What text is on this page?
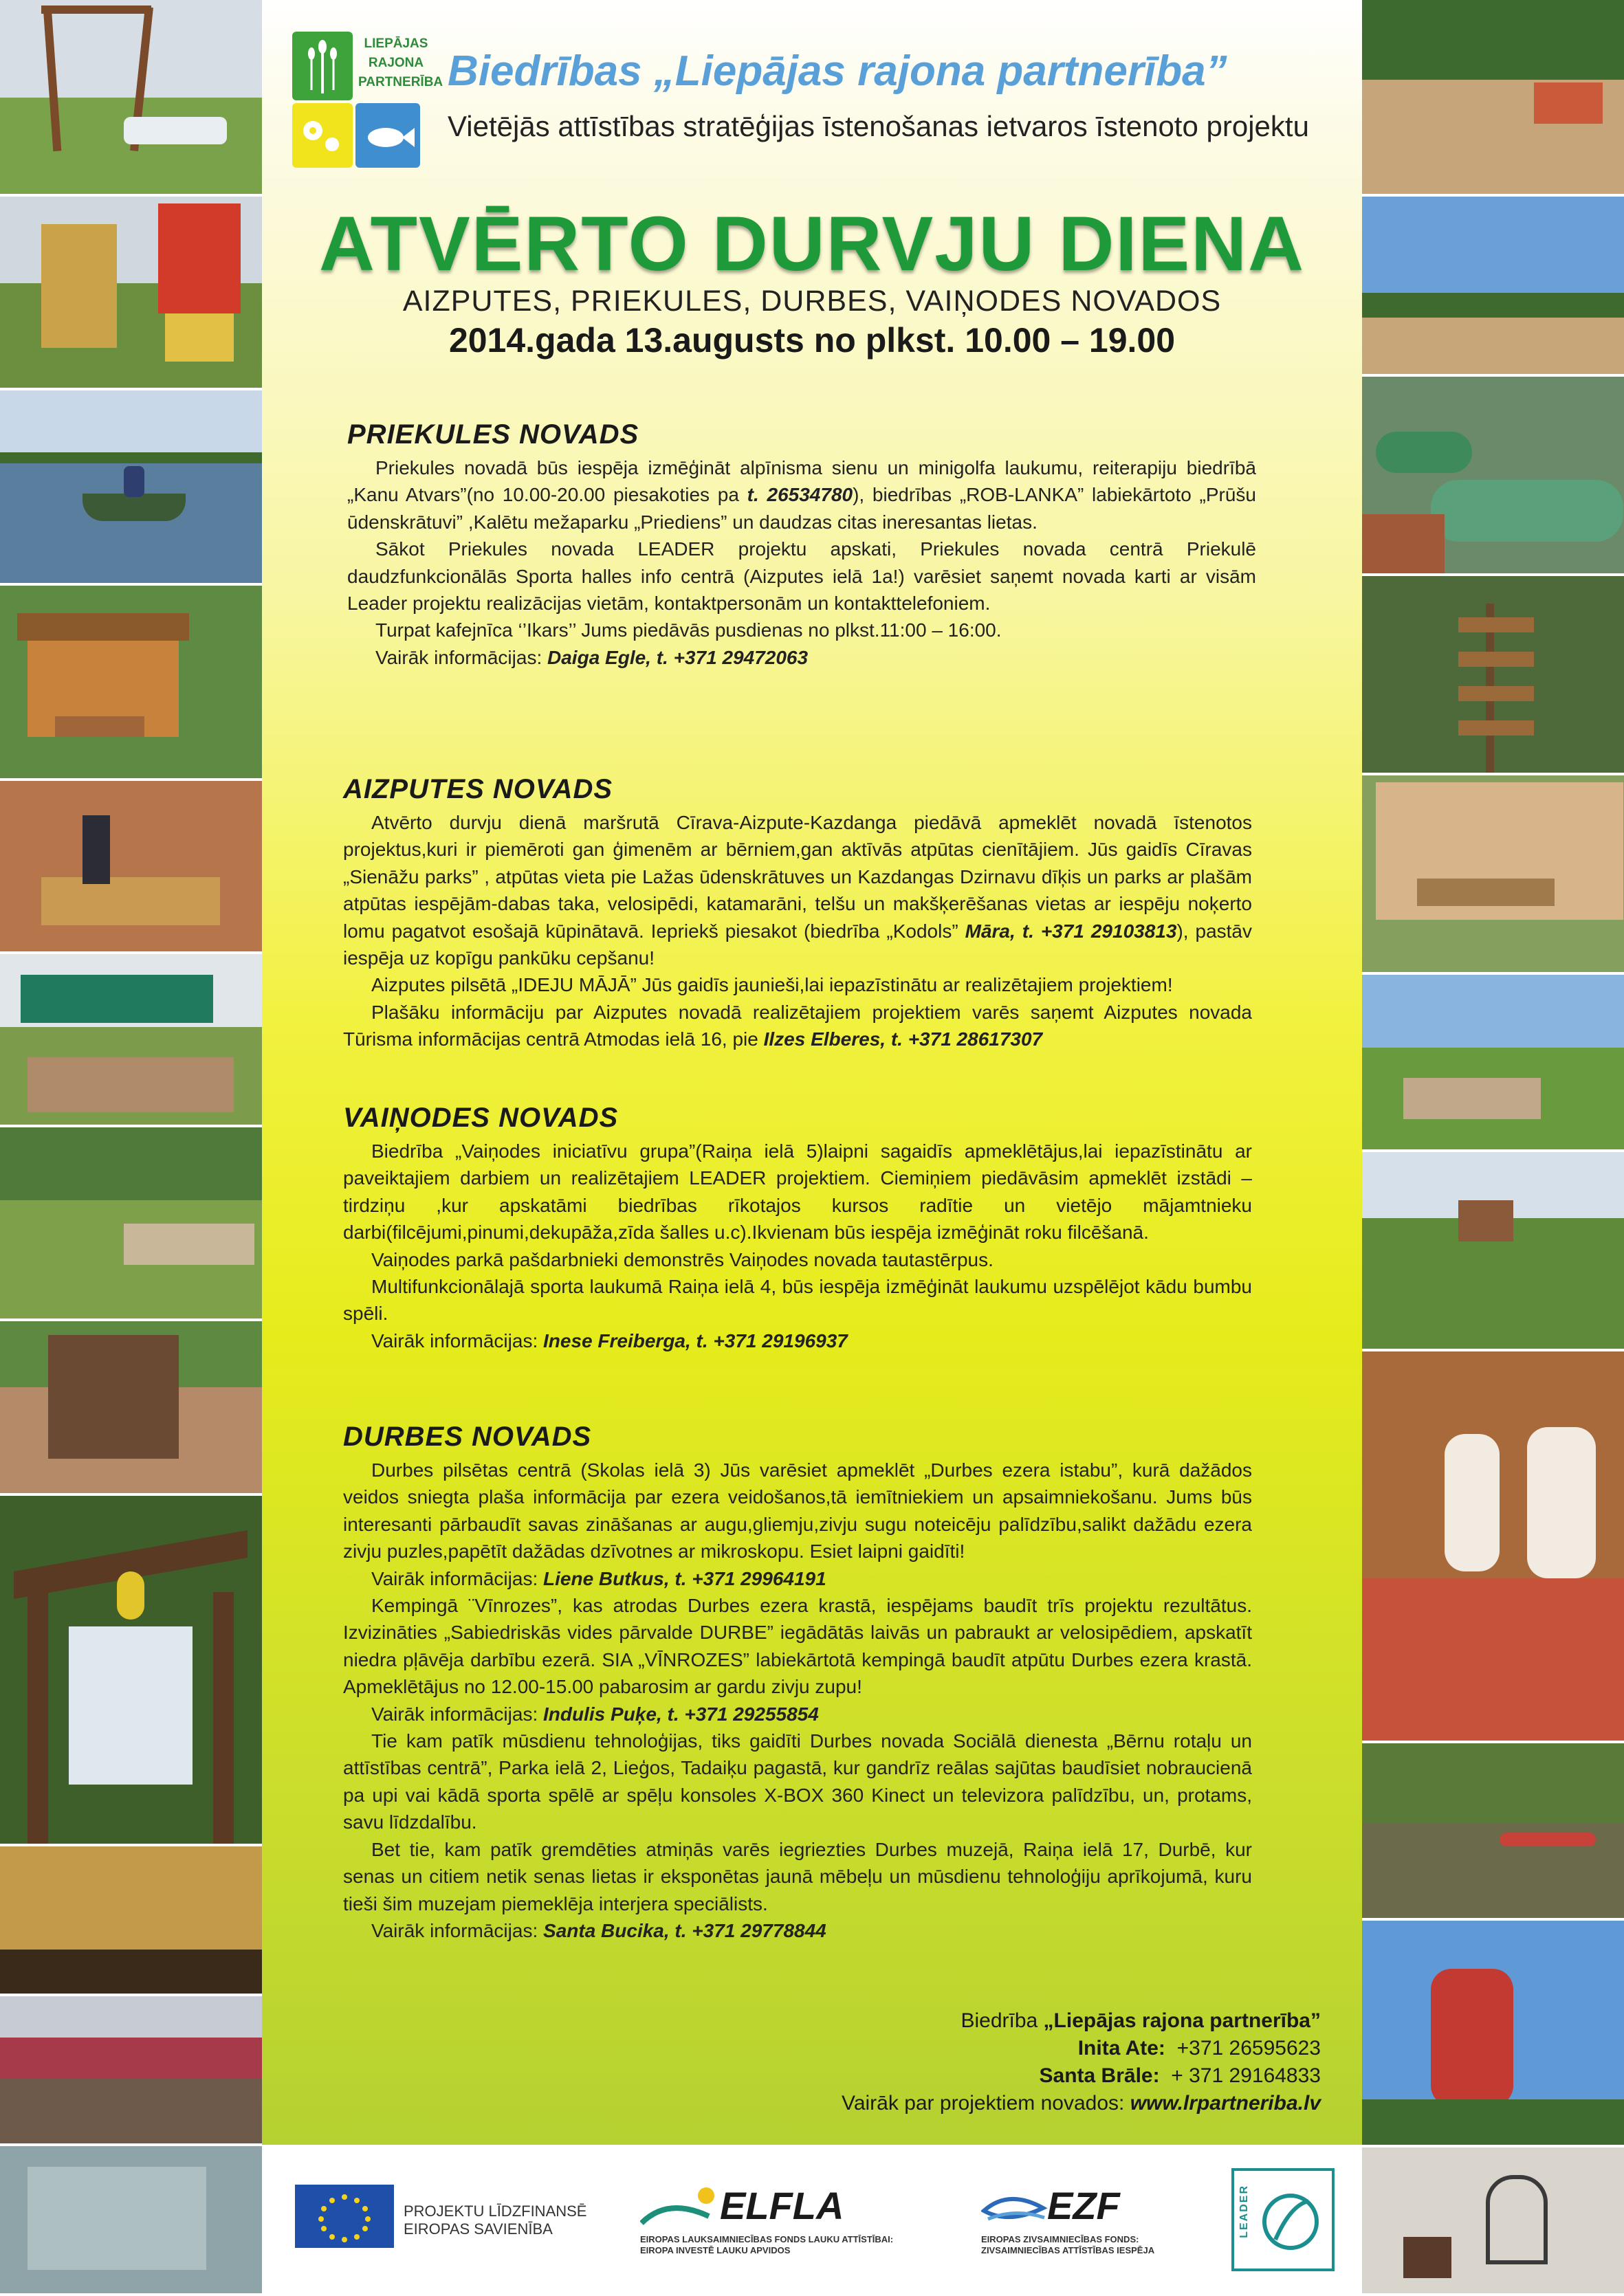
LIEPĀJAS
RAJONA
PARTNERĪBA Biedrības „Liepājas rajona partnerība”
Vietējās attīstības stratēģijas īstenošanas ietvaros īstenoto projektu
ATVĒRTO DURVJU DIENA
AIZPUTES, PRIEKULES, DURBES, VAIŅODES NOVADOS
2014.gada 13.augusts no plkst. 10.00 – 19.00
PRIEKULES NOVADS

Priekules novadā būs iespēja izmēģināt alpīnisma sienu un minigolfa laukumu, reiterapiju biedrībā „Kanu Atvars”(no 10.00-20.00 piesakoties pa t. 26534780), biedrības „ROB-LANKA” labiekārtoto „Prūšu ūdenskrātuvi” ,Kalētu mežaparku „Priediens” un daudzas citas ineresantas lietas.

Sākot Priekules novada LEADER projektu apskati, Priekules novada centrā Priekulē daudzfunkcionālās Sporta halles info centrā (Aizputes ielā 1a!) varēsiet saņemt novada karti ar visām Leader projektu realizācijas vietām, kontaktpersonām un kontakttelefoniem.

Turpat kafejnīca ‘’Ikars’’ Jums piedāvās pusdienas no plkst.11:00 – 16:00.

Vairāk informācijas: Daiga Egle, t. +371 29472063

AIZPUTES NOVADS

Atvērto durvju dienā maršrutā Cīrava-Aizpute-Kazdanga piedāvā apmeklēt novadā īstenotos projektus,kuri ir piemēroti gan ģimenēm ar bērniem,gan aktīvās atpūtas cienītājiem. Jūs gaidīs Cīravas „Sienāžu parks” , atpūtas vieta pie Lažas ūdenskrātuves un Kazdangas Dzirnavu dīķis un parks ar plašām atpūtas iespējām-dabas taka, velosipēdi, katamarāni, telšu un makšķerēšanas vietas ar iespēju noķerto lomu pagatvot esošajā kūpinātavā. Iepriekš piesakot (biedrība „Kodols” Māra, t. +371 29103813), pastāv iespēja uz kopīgu pankūku cepšanu!

Aizputes pilsētā „IDEJU MĀJĀ” Jūs gaidīs jaunieši,lai iepazīstinātu ar realizētajiem projektiem!

Plašāku informāciju par Aizputes novadā realizētajiem projektiem varēs saņemt Aizputes novada Tūrisma informācijas centrā Atmodas ielā 16, pie Ilzes Elberes, t. +371 28617307

VAIŅODES NOVADS

Biedrība „Vaiņodes iniciatīvu grupa”(Raiņa ielā 5)laipni sagaidīs apmeklētājus,lai iepazīstinātu ar paveiktajiem darbiem un realizētajiem LEADER projektiem. Ciemiņiem piedāvāsim apmeklēt izstādi –tirdziņu ,kur apskatāmi biedrības rīkotajos kursos radītie un vietējo mājamtnieku darbi(filcējumi,pinumi,dekupāža,zīda šalles u.c).Ikvienam būs iespēja izmēģināt roku filcēšanā.

Vaiņodes parkā pašdarbnieki demonstrēs Vaiņodes novada tautastērpus.

Multifunkcionālajā sporta laukumā Raiņa ielā 4, būs iespēja izmēģināt laukumu uzspēlējot kādu bumbu spēli.

Vairāk informācijas: Inese Freiberga, t. +371 29196937

DURBES NOVADS

Durbes pilsētas centrā (Skolas ielā 3) Jūs varēsiet apmeklēt „Durbes ezera istabu”, kurā dažādos veidos sniegta plaša informācija par ezera veidošanos,tā iemītniekiem un apsaimniekošanu. Jums būs interesanti pārbaudīt savas zināšanas ar augu,gliemju,zivju sugu noteicēju palīdzību,salikt dažādu ezera zivju puzles,papētīt dažādas dzīvotnes ar mikroskopu. Esiet laipni gaidīti!

Vairāk informācijas: Liene Butkus, t. +371 29964191

Kempingā ¨Vīnrozes”, kas atrodas Durbes ezera krastā, iespējams baudīt trīs projektu rezultātus. Izvizināties „Sabiedriskās vides pārvalde DURBE” iegādātās laivās un pabraukt ar velosipēdiem, apskatīt niedra pļāvēja darbību ezerā. SIA „VĪNROZES” labiekārtotā kempingā baudīt atpūtu Durbes ezera krastā. Apmeklētājus no 12.00-15.00 pabarosim ar gardu zivju zupu!

Vairāk informācijas: Indulis Puķe, t. +371 29255854

Tie kam patīk mūsdienu tehnoloģijas, tiks gaidīti Durbes novada Sociālā dienesta „Bērnu rotaļu un attīstības centrā”, Parka ielā 2, Lieģos, Tadaiķu pagastā, kur gandrīz reālas sajūtas baudīsiet nobraucienā pa upi vai kādā sporta spēlē ar spēļu konsoles X-BOX 360 Kinect un televizora palīdzību, un, protams, savu līdzdalību.

Bet tie, kam patīk gremdēties atmiņās varēs iegriezties Durbes muzejā, Raiņa ielā 17, Durbē, kur senas un citiem netik senas lietas ir eksponētas jaunā mēbeļu un mūsdienu tehnoloģiju aprīkojumā, kuru tieši šim muzejam piemeklēja interjera speciālists.

Vairāk informācijas: Santa Bucika, t. +371 29778844

Biedrība „Liepājas rajona partnerība”
Inita Ate: +371 26595623
Santa Brāle: + 371 29164833
Vairāk par projektiem novados: www.lrpartneriba.lv
PROJEKTU LĪDZFINANSĒ EIROPAS SAVIENĪBA
ELFLA
EIROPAS LAUKSAIMNIECĪBAS FONDS LAUKU ATTĪSTĪBAI: EIROPA INVESTĒ LAUKU APVIDOS
EZF
EIROPAS ZIVSAIMNIECĪBAS FONDS: ZIVSAIMNIECĪBAS ATTĪSTĪBAS IESPĒJA
LEADER
